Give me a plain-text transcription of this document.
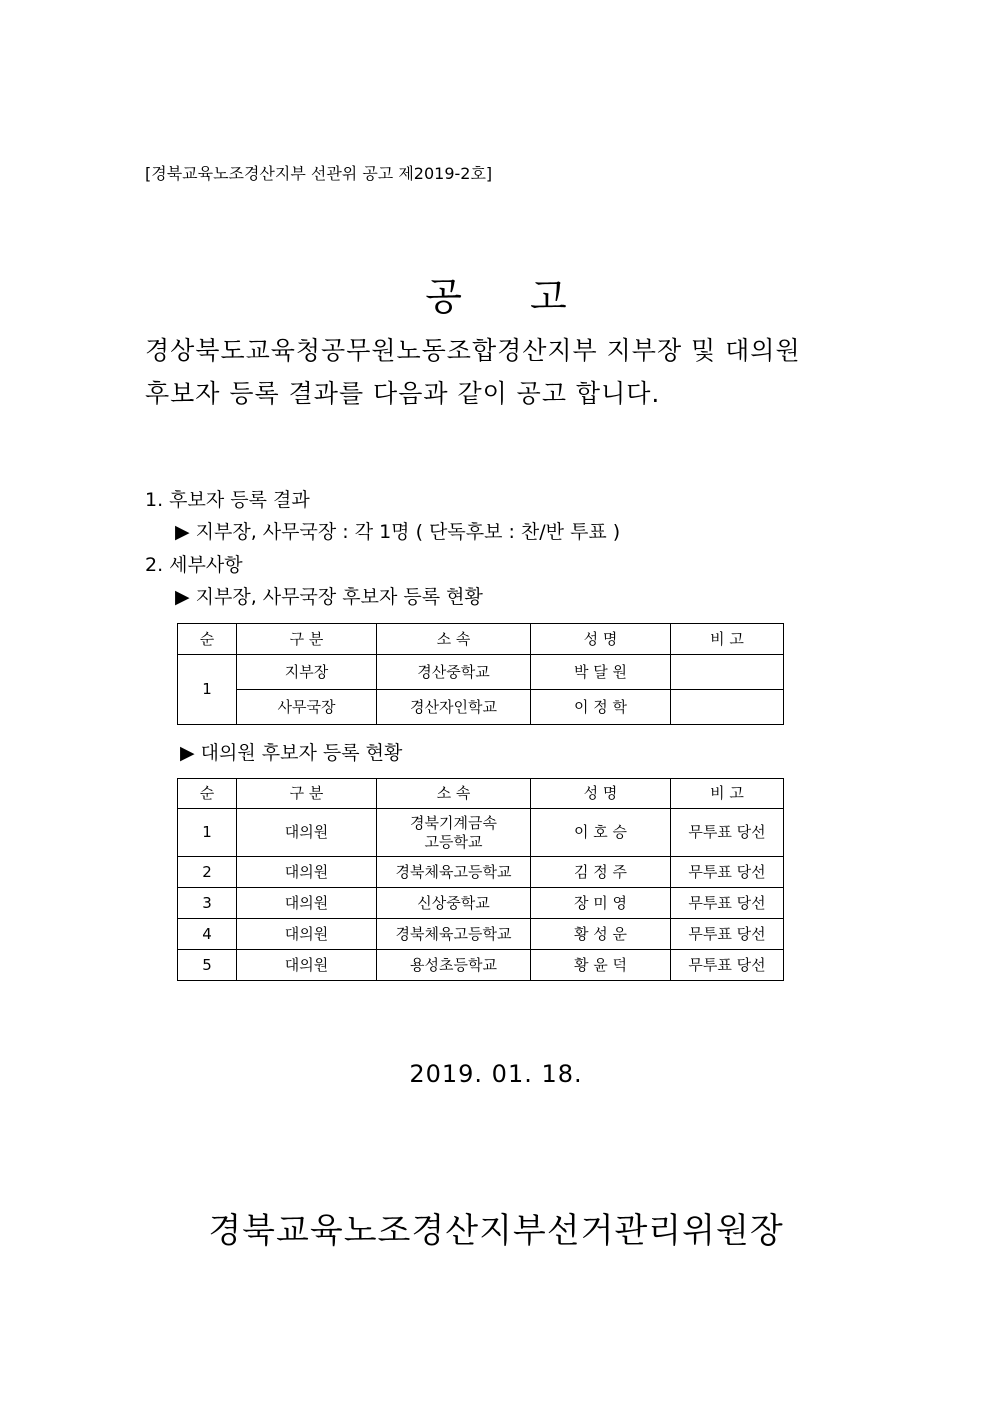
[경북교육노조경산지부 선관위 공고 제2019-2호]
공 고
경상북도교육청공무원노동조합경산지부 지부장 및 대의원
후보자 등록 결과를 다음과 같이 공고 합니다.
1. 후보자 등록 결과
▶ 지부장, 사무국장 : 각 1명 ( 단독후보 : 찬/반 투표 )
2. 세부사항
▶ 지부장, 사무국장 후보자 등록 현황
순	구 분	소 속	성 명	비 고
1	지부장	경산중학교	박 달 원	
	사무국장	경산자인학교	이 정 학	
▶ 대의원 후보자 등록 현황
순	구 분	소 속	성 명	비 고
1	대의원	경북기계금속
고등학교	이 호 승	무투표 당선
2	대의원	경북체육고등학교	김 정 주	무투표 당선
3	대의원	신상중학교	장 미 영	무투표 당선
4	대의원	경북체육고등학교	황 성 운	무투표 당선
5	대의원	용성초등학교	황 윤 덕	무투표 당선
2019. 01. 18.
경북교육노조경산지부선거관리위원장
